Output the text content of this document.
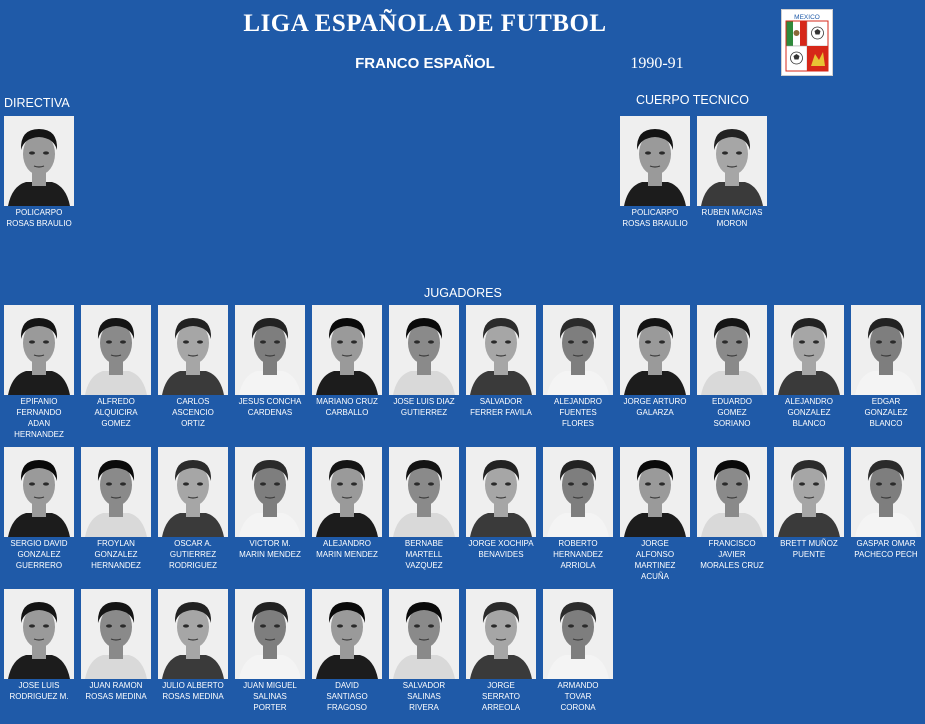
LIGA ESPAÑOLA DE FUTBOL
FRANCO ESPAÑOL	1990-91
MEXICO
DIRECTIVA	CUERPO TECNICO
JUGADORES
POLICARPO
ROSAS BRAULIO
POLICARPO
ROSAS BRAULIO
RUBEN MACIAS
MORON
EPIFANIO
FERNANDO
ADAN
HERNANDEZ
ALFREDO
ALQUICIRA
GOMEZ
CARLOS
ASCENCIO
ORTIZ
JESUS CONCHA
CARDENAS
MARIANO CRUZ
CARBALLO
JOSE LUIS DIAZ
GUTIERREZ
SALVADOR
FERRER FAVILA
ALEJANDRO
FUENTES
FLORES
JORGE ARTURO
GALARZA
EDUARDO
GOMEZ
SORIANO
ALEJANDRO
GONZALEZ
BLANCO
EDGAR
GONZALEZ
BLANCO
SERGIO DAVID
GONZALEZ
GUERRERO
FROYLAN
GONZALEZ
HERNANDEZ
OSCAR A.
GUTIERREZ
RODRIGUEZ
VICTOR M.
MARIN MENDEZ
ALEJANDRO
MARIN MENDEZ
BERNABE
MARTELL
VAZQUEZ
JORGE XOCHIPA
BENAVIDES
ROBERTO
HERNANDEZ
ARRIOLA
JORGE
ALFONSO
MARTINEZ
ACUÑA
FRANCISCO
JAVIER
MORALES CRUZ
BRETT MUÑOZ
PUENTE
GASPAR OMAR
PACHECO PECH
JOSE LUIS
RODRIGUEZ M.
JUAN RAMON
ROSAS MEDINA
JULIO ALBERTO
ROSAS MEDINA
JUAN MIGUEL
SALINAS
PORTER
DAVID
SANTIAGO
FRAGOSO
SALVADOR
SALINAS
RIVERA
JORGE
SERRATO
ARREOLA
ARMANDO
TOVAR
CORONA
